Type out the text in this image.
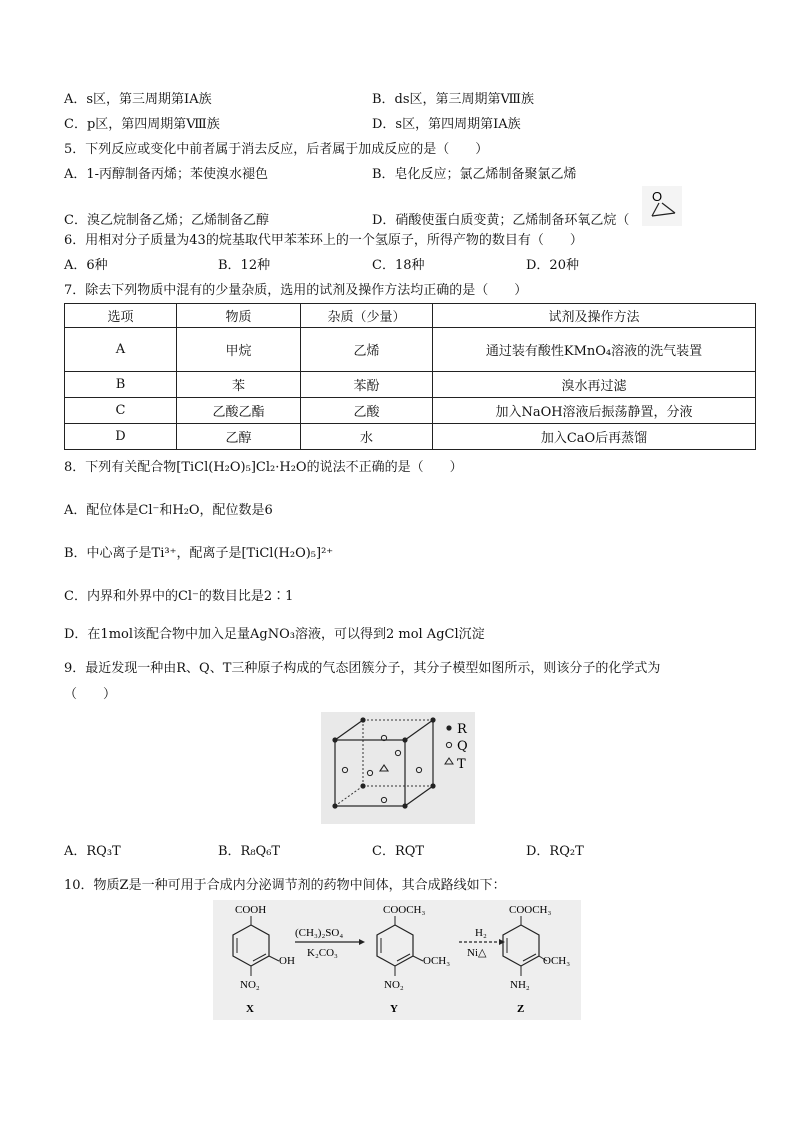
A．s区，第三周期第ⅠA族	B．ds区，第三周期第Ⅷ族
C．p区，第四周期第Ⅷ族	D．s区，第四周期第ⅠA族
5．下列反应或变化中前者属于消去反应，后者属于加成反应的是（　　）
A．1-丙醇制备丙烯；苯使溴水褪色	B．皂化反应；氯乙烯制备聚氯乙烯
C．溴乙烷制备乙烯；乙烯制备乙醇	D．硝酸使蛋白质变黄；乙烯制备环氧乙烷（
O
6．用相对分子质量为43的烷基取代甲苯苯环上的一个氢原子，所得产物的数目有（　　）
A．6种	B．12种	C．18种	D．20种
7．除去下列物质中混有的少量杂质，选用的试剂及操作方法均正确的是（　　）
选项	物质	杂质（少量）	试剂及操作方法
A	甲烷	乙烯	通过装有酸性KMnO₄溶液的洗气装置
B	苯	苯酚	溴水再过滤
C	乙酸乙酯	乙酸	加入NaOH溶液后振荡静置，分液
D	乙醇	水	加入CaO后再蒸馏
8．下列有关配合物[TiCl(H₂O)₅]Cl₂·H₂O的说法不正确的是（　　）
A．配位体是Cl⁻和H₂O，配位数是6
B．中心离子是Ti³⁺，配离子是[TiCl(H₂O)₅]²⁺
C．内界和外界中的Cl⁻的数目比是2∶1
D．在1mol该配合物中加入足量AgNO₃溶液，可以得到2 mol AgCl沉淀
9．最近发现一种由R、Q、T三种原子构成的气态团簇分子，其分子模型如图所示，则该分子的化学式为
（　　）
R
Q
T
A．RQ₃T	B．R₈Q₆T	C．RQT	D．RQ₂T
10．物质Z是一种可用于合成内分泌调节剂的药物中间体，其合成路线如下：
COOH
OH
NO₂
X
(CH₃)₂SO₄
K₂CO₃
COOCH₃
OCH₃
NO₂
Y
H₂
Ni△
COOCH₃
OCH₃
NH₂
Z
